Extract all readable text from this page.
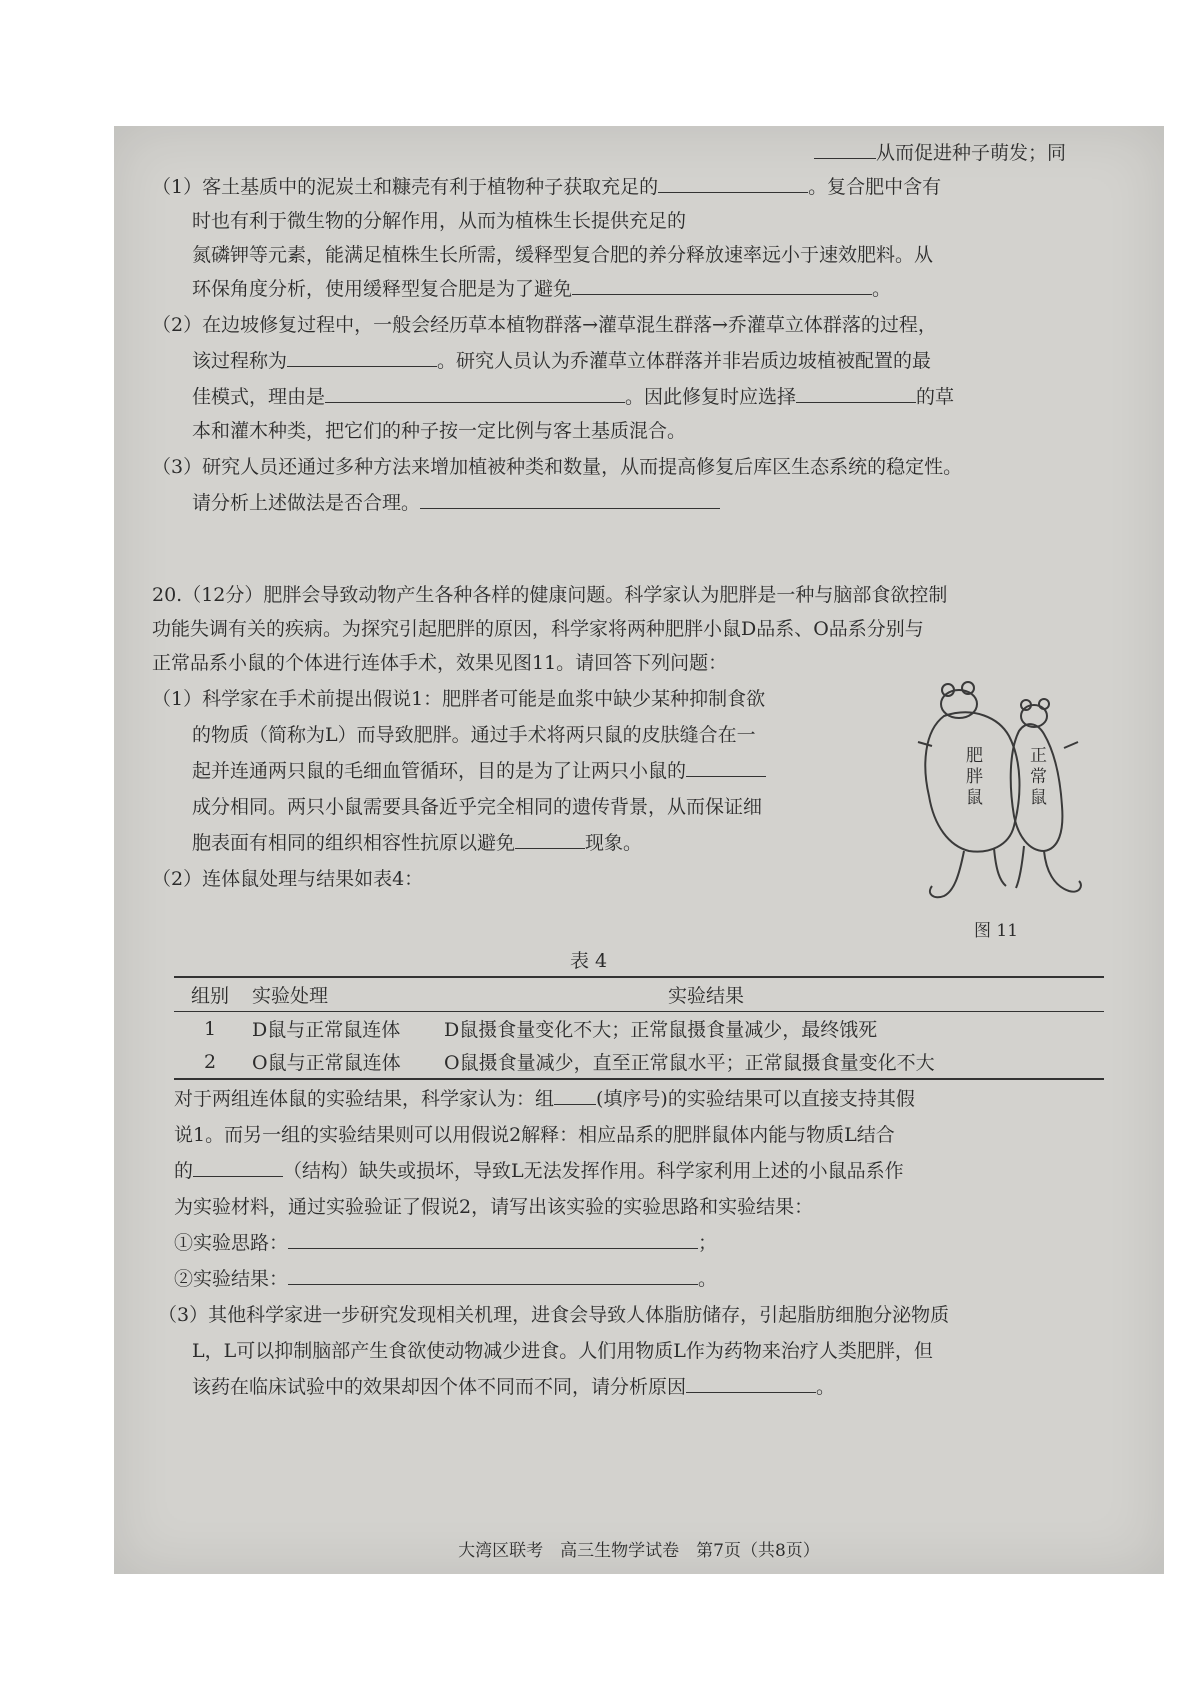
从而促进种子萌发；同
（1）客土基质中的泥炭土和糠壳有利于植物种子获取充足的	。复合肥中含有
时也有利于微生物的分解作用，从而为植株生长提供充足的
氮磷钾等元素，能满足植株生长所需，缓释型复合肥的养分释放速率远小于速效肥料。从
环保角度分析，使用缓释型复合肥是为了避免	。
（2）在边坡修复过程中，一般会经历草本植物群落→灌草混生群落→乔灌草立体群落的过程，
该过程称为	。研究人员认为乔灌草立体群落并非岩质边坡植被配置的最
佳模式，理由是	。因此修复时应选择	的草
本和灌木种类，把它们的种子按一定比例与客土基质混合。
（3）研究人员还通过多种方法来增加植被种类和数量，从而提高修复后库区生态系统的稳定性。
请分析上述做法是否合理。
20.（12分）肥胖会导致动物产生各种各样的健康问题。科学家认为肥胖是一种与脑部食欲控制
功能失调有关的疾病。为探究引起肥胖的原因，科学家将两种肥胖小鼠D品系、O品系分别与
正常品系小鼠的个体进行连体手术，效果见图11。请回答下列问题：
（1）科学家在手术前提出假说1：肥胖者可能是血浆中缺少某种抑制食欲
的物质（简称为L）而导致肥胖。通过手术将两只鼠的皮肤缝合在一
起并连通两只鼠的毛细血管循环，目的是为了让两只小鼠的
成分相同。两只小鼠需要具备近乎完全相同的遗传背景，从而保证细
胞表面有相同的组织相容性抗原以避免	现象。
（2）连体鼠处理与结果如表4：
肥
胖
鼠
正
常
鼠
图 11
表 4
组别	实验处理	实验结果
1	D鼠与正常鼠连体	D鼠摄食量变化不大；正常鼠摄食量减少，最终饿死
2	O鼠与正常鼠连体	O鼠摄食量减少，直至正常鼠水平；正常鼠摄食量变化不大
对于两组连体鼠的实验结果，科学家认为：组 (填序号)的实验结果可以直接支持其假
说1。而另一组的实验结果则可以用假说2解释：相应品系的肥胖鼠体内能与物质L结合
的	（结构）缺失或损坏，导致L无法发挥作用。科学家利用上述的小鼠品系作
为实验材料，通过实验验证了假说2，请写出该实验的实验思路和实验结果：
①实验思路：	；
②实验结果：	。
（3）其他科学家进一步研究发现相关机理，进食会导致人体脂肪储存，引起脂肪细胞分泌物质
L，L可以抑制脑部产生食欲使动物减少进食。人们用物质L作为药物来治疗人类肥胖，但
该药在临床试验中的效果却因个体不同而不同，请分析原因	。
大湾区联考　高三生物学试卷　第7页（共8页）
